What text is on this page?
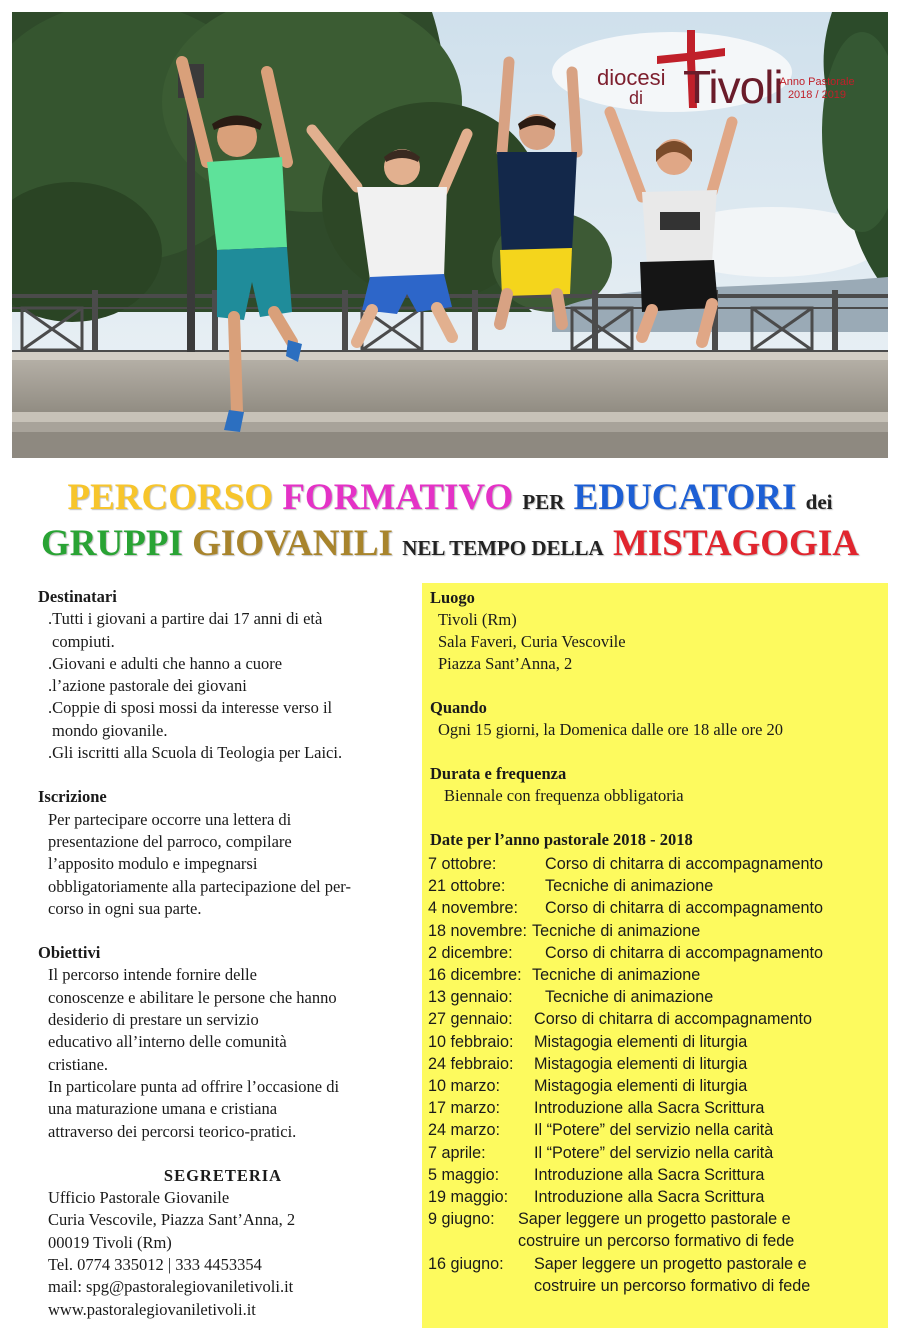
diocesi
di Tivoli
Anno Pastorale
2018 / 2019
PERCORSO FORMATIVO PER EDUCATORI dei
GRUPPI GIOVANILI NEL TEMPO DELLA MISTAGOGIA
Destinatari
.Tutti i giovani a partire dai 17 anni di età
compiuti.
.Giovani e adulti che hanno a cuore
.l’azione pastorale dei giovani
.Coppie di sposi mossi da interesse verso il
mondo giovanile.
.Gli iscritti alla Scuola di Teologia per Laici.
Iscrizione
Per partecipare occorre una lettera di
presentazione del parroco, compilare
l’apposito modulo e impegnarsi
obbligatoriamente alla partecipazione del per-
corso in ogni sua parte.
Obiettivi
Il percorso intende fornire delle
conoscenze e abilitare le persone che hanno
desiderio di prestare un servizio
educativo all’interno delle comunità
cristiane.
In particolare punta ad offrire l’occasione di
una maturazione umana e cristiana
attraverso dei percorsi teorico-pratici.
SEGRETERIA
Ufficio Pastorale Giovanile
Curia Vescovile, Piazza Sant’Anna, 2
00019 Tivoli (Rm)
Tel. 0774 335012 | 333 4453354
mail: spg@pastoralegiovaniletivoli.it
www.pastoralegiovaniletivoli.it
Luogo
Tivoli (Rm)
Sala Faveri, Curia Vescovile
Piazza Sant’Anna, 2
Quando
Ogni 15 giorni, la Domenica dalle ore 18 alle ore 20
Durata e frequenza
Biennale con frequenza obbligatoria
Date per l’anno pastorale 2018 - 2018
7 ottobre:	Corso di chitarra di accompagnamento
21 ottobre:	Tecniche di animazione
4 novembre:	Corso di chitarra di accompagnamento
18 novembre: Tecniche di animazione
2 dicembre:	Corso di chitarra di accompagnamento
16 dicembre: Tecniche di animazione
13 gennaio:	Tecniche di animazione
27 gennaio:	Corso di chitarra di accompagnamento
10 febbraio:	Mistagogia elementi di liturgia
24 febbraio:	Mistagogia elementi di liturgia
10 marzo:	Mistagogia elementi di liturgia
17 marzo:	Introduzione alla Sacra Scrittura
24 marzo:	Il “Potere” del servizio nella carità
7 aprile:	Il “Potere” del servizio nella carità
5 maggio:	Introduzione alla Sacra Scrittura
19 maggio:	Introduzione alla Sacra Scrittura
9 giugno:	Saper leggere un progetto pastorale e
costruire un percorso formativo di fede
16 giugno:	Saper leggere un progetto pastorale e
costruire un percorso formativo di fede
